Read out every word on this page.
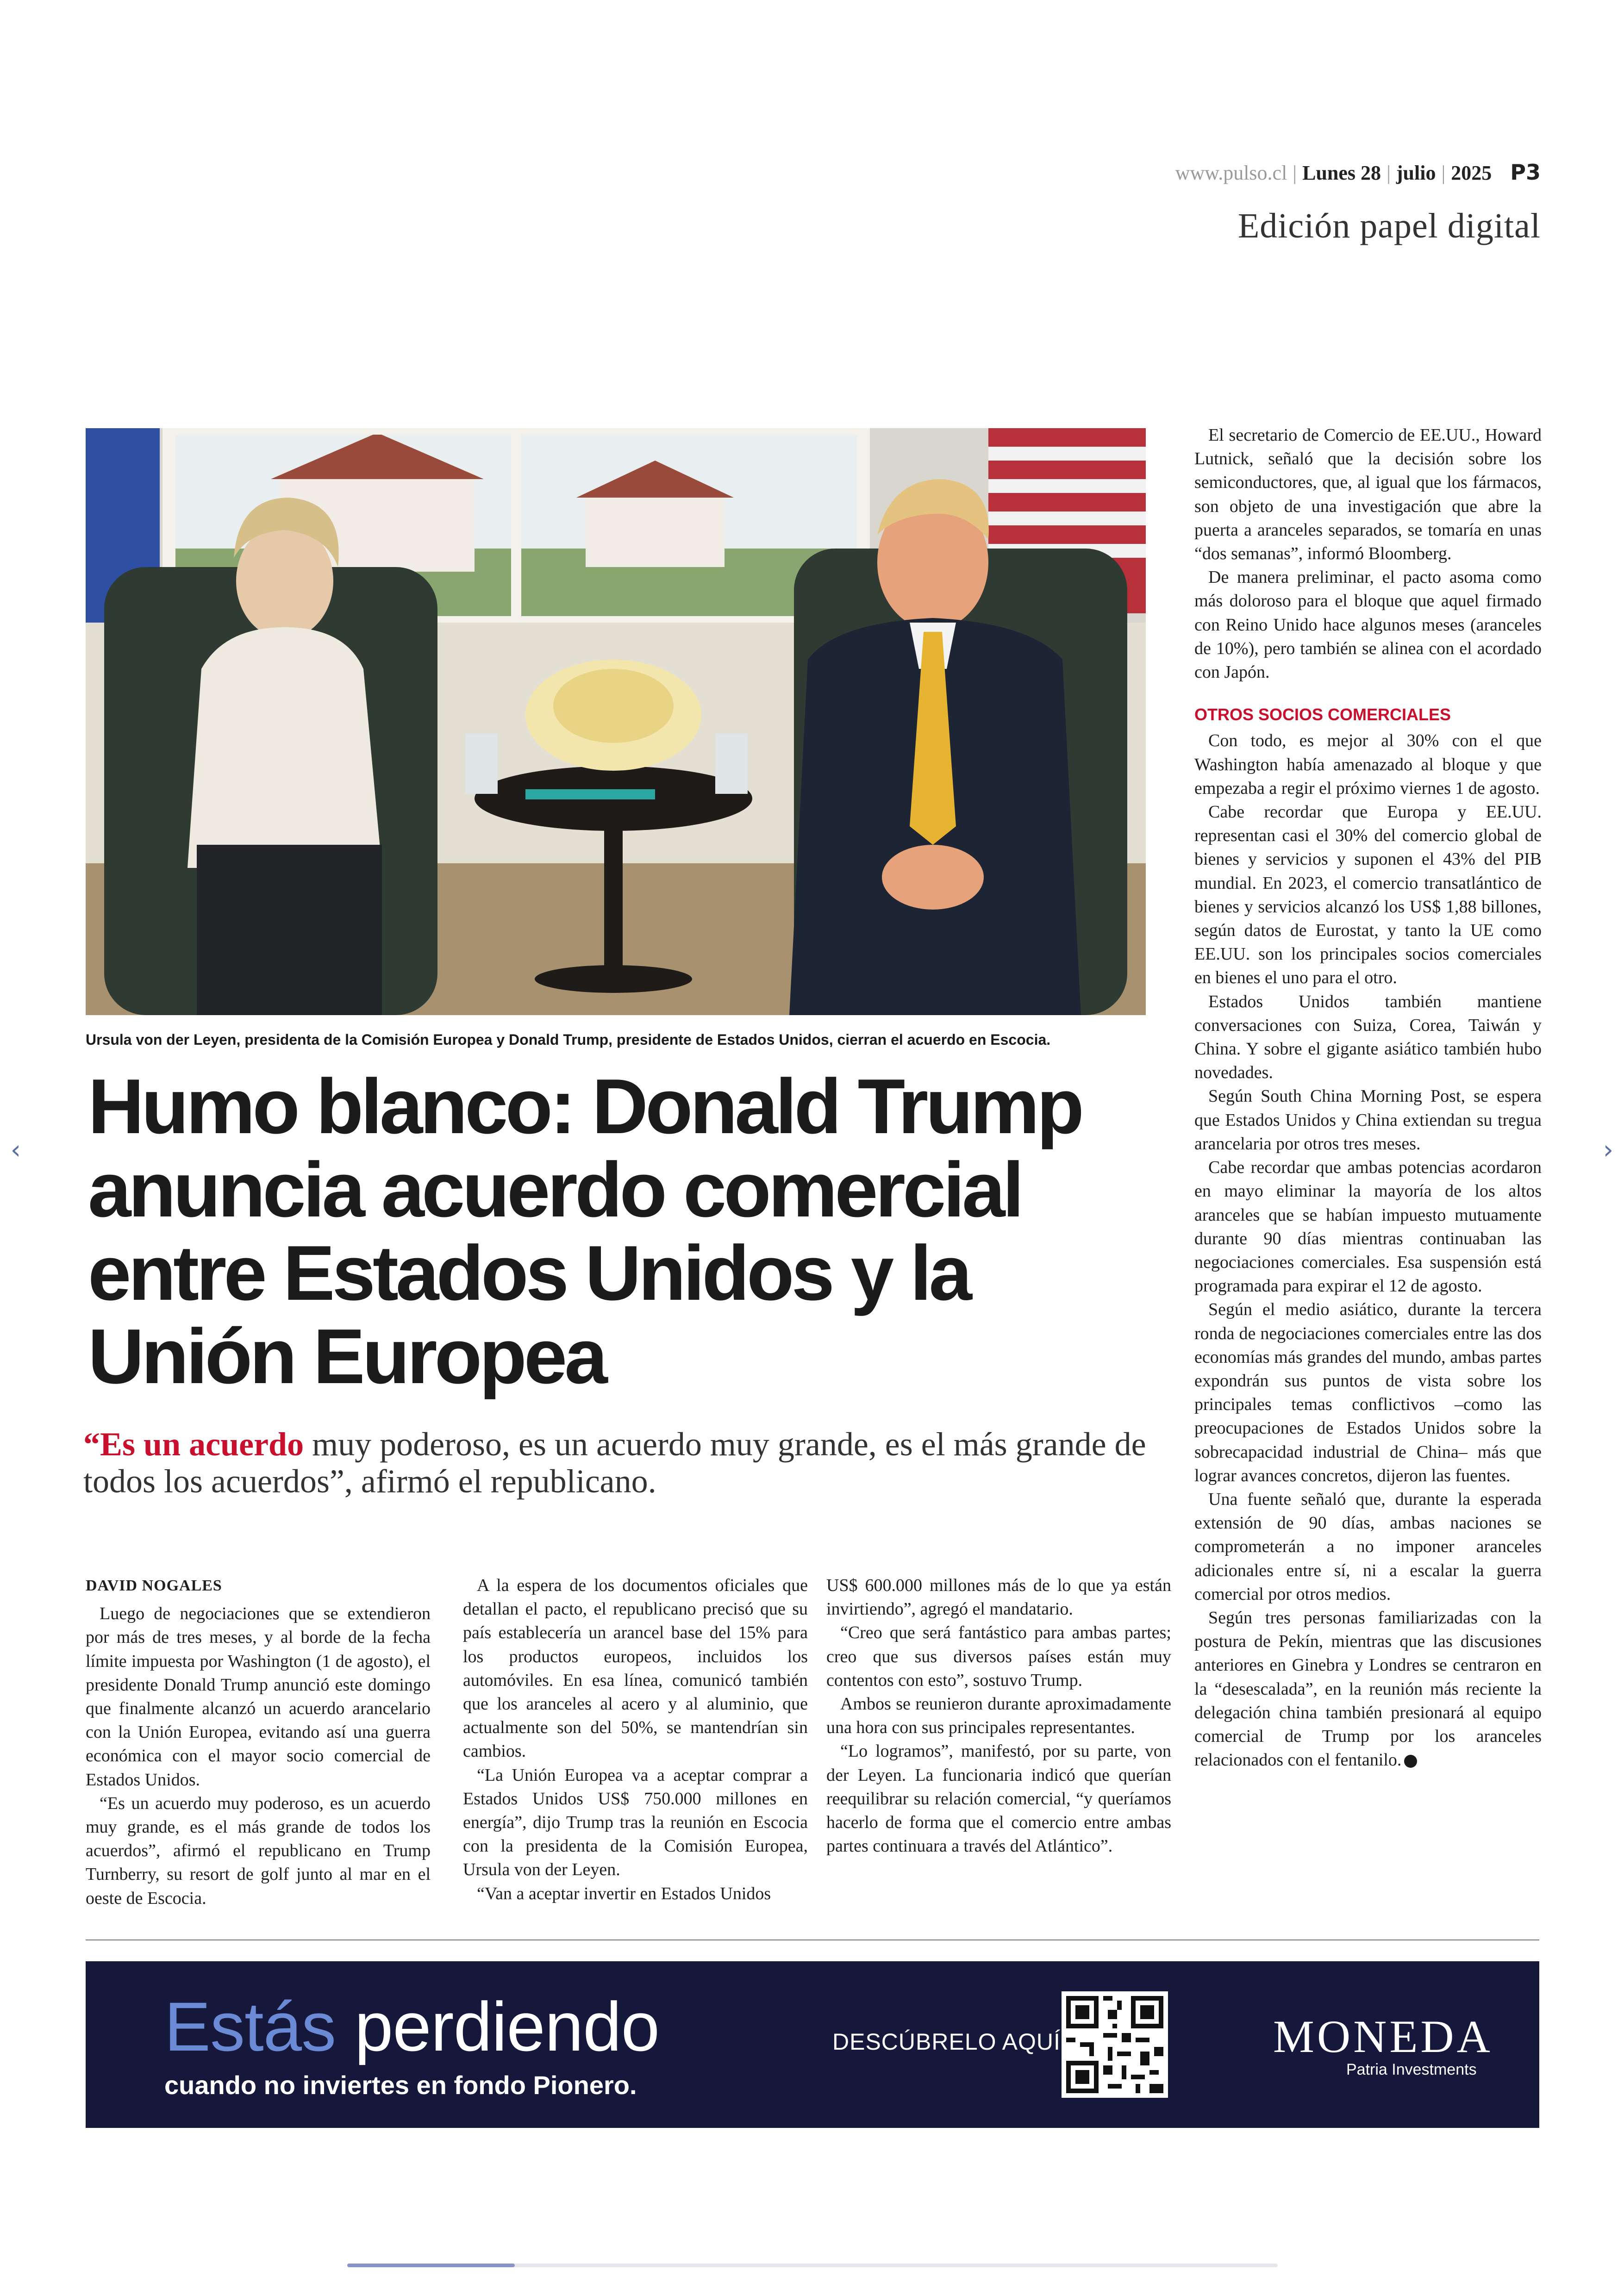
www.pulso.cl | Lunes 28 | julio | 2025 P3
Edición papel digital
Ursula von der Leyen, presidenta de la Comisión Europea y Donald Trump, presidente de Estados Unidos, cierran el acuerdo en Escocia.
Humo blanco: Donald Trump anuncia acuerdo comercial entre Estados Unidos y la Unión Europea
“Es un acuerdo muy poderoso, es un acuerdo muy grande, es el más grande de todos los acuerdos”, afirmó el republicano.
DAVID NOGALES

Luego de negociaciones que se extendieron por más de tres meses, y al borde de la fecha límite impuesta por Washington (1 de agosto), el presidente Donald Trump anunció este domingo que finalmente alcanzó un acuerdo arancelario con la Unión Europea, evitando así una guerra económica con el mayor socio comercial de Estados Unidos.

“Es un acuerdo muy poderoso, es un acuerdo muy grande, es el más grande de todos los acuerdos”, afirmó el republicano en Trump Turnberry, su resort de golf junto al mar en el oeste de Escocia.

A la espera de los documentos oficiales que detallan el pacto, el republicano precisó que su país establecería un arancel base del 15% para los productos europeos, incluidos los automóviles. En esa línea, comunicó también que los aranceles al acero y al aluminio, que actualmente son del 50%, se mantendrían sin cambios.

“La Unión Europea va a aceptar comprar a Estados Unidos US$ 750.000 millones en energía”, dijo Trump tras la reunión en Escocia con la presidenta de la Comisión Europea, Ursula von der Leyen.

“Van a aceptar invertir en Estados Unidos

US$ 600.000 millones más de lo que ya están invirtiendo”, agregó el mandatario.

“Creo que será fantástico para ambas partes; creo que sus diversos países están muy contentos con esto”, sostuvo Trump.

Ambos se reunieron durante aproximadamente una hora con sus principales representantes.

“Lo logramos”, manifestó, por su parte, von der Leyen. La funcionaria indicó que querían reequilibrar su relación comercial, “y queríamos hacerlo de forma que el comercio entre ambas partes continuara a través del Atlántico”.

El secretario de Comercio de EE.UU., Howard Lutnick, señaló que la decisión sobre los semiconductores, que, al igual que los fármacos, son objeto de una investigación que abre la puerta a aranceles separados, se tomaría en unas “dos semanas”, informó Bloomberg.

De manera preliminar, el pacto asoma como más doloroso para el bloque que aquel firmado con Reino Unido hace algunos meses (aranceles de 10%), pero también se alinea con el acordado con Japón.

OTROS SOCIOS COMERCIALES

Con todo, es mejor al 30% con el que Washington había amenazado al bloque y que empezaba a regir el próximo viernes 1 de agosto.

Cabe recordar que Europa y EE.UU. representan casi el 30% del comercio global de bienes y servicios y suponen el 43% del PIB mundial. En 2023, el comercio transatlántico de bienes y servicios alcanzó los US$ 1,88 billones, según datos de Eurostat, y tanto la UE como EE.UU. son los principales socios comerciales en bienes el uno para el otro.

Estados Unidos también mantiene conversaciones con Suiza, Corea, Taiwán y China. Y sobre el gigante asiático también hubo novedades.

Según South China Morning Post, se espera que Estados Unidos y China extiendan su tregua arancelaria por otros tres meses.

Cabe recordar que ambas potencias acordaron en mayo eliminar la mayoría de los altos aranceles que se habían impuesto mutuamente durante 90 días mientras continuaban las negociaciones comerciales. Esa suspensión está programada para expirar el 12 de agosto.

Según el medio asiático, durante la tercera ronda de negociaciones comerciales entre las dos economías más grandes del mundo, ambas partes expondrán sus puntos de vista sobre los principales temas conflictivos –como las preocupaciones de Estados Unidos sobre la sobrecapacidad industrial de China– más que lograr avances concretos, dijeron las fuentes.

Una fuente señaló que, durante la esperada extensión de 90 días, ambas naciones se comprometerán a no imponer aranceles adicionales entre sí, ni a escalar la guerra comercial por otros medios.

Según tres personas familiarizadas con la postura de Pekín, mientras que las discusiones anteriores en Ginebra y Londres se centraron en la “desescalada”, en la reunión más reciente la delegación china también presionará al equipo comercial de Trump por los aranceles relacionados con el fentanilo.

‹	›
Estás perdiendo
cuando no inviertes en fondo Pionero.
DESCÚBRELO AQUÍ	MONEDA
Patria Investments
